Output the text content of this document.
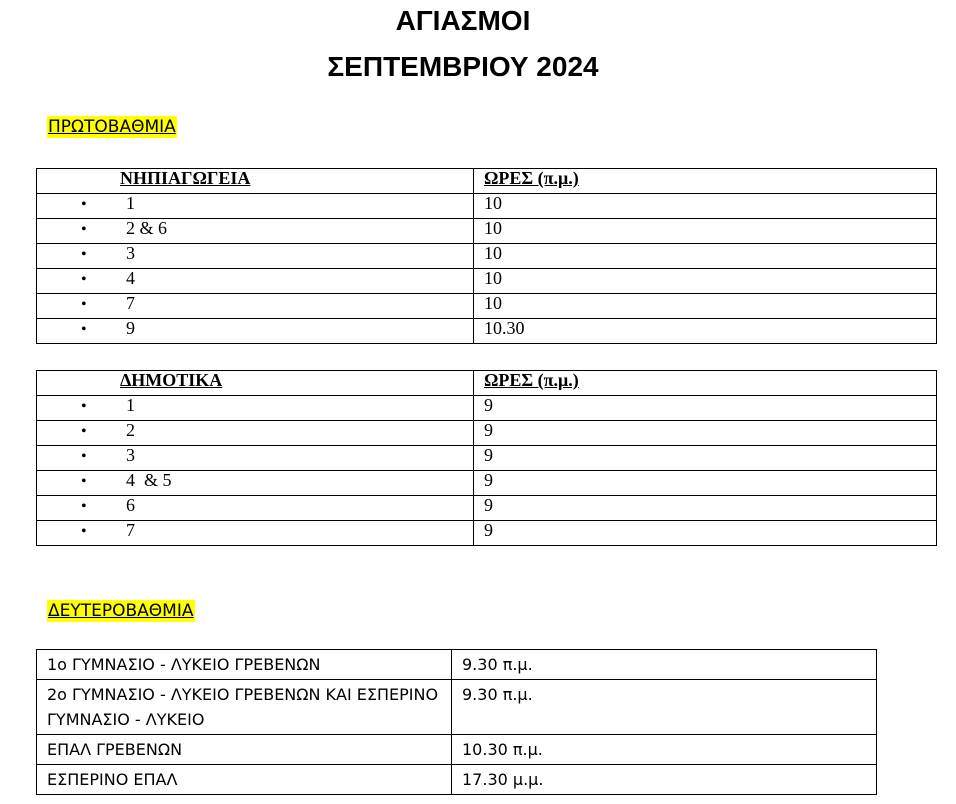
ΑΓΙΑΣΜΟΙ
ΣΕΠΤΕΜΒΡΙΟΥ 2024
ΠΡΩΤΟΒΑΘΜΙΑ
ΝΗΠΙΑΓΩΓΕΙΑ	ΩΡΕΣ (π.μ.)
•1	10
•2 & 6	10
•3	10
•4	10
•7	10
•9	10.30
ΔΗΜΟΤΙΚΑ	ΩΡΕΣ (π.μ.)
•1	9
•2	9
•3	9
•4  & 5	9
•6	9
•7	9
ΔΕΥΤΕΡΟΒΑΘΜΙΑ
1ο ΓΥΜΝΑΣΙΟ - ΛΥΚΕΙΟ ΓΡΕΒΕΝΩΝ	9.30 π.μ.
2ο ΓΥΜΝΑΣΙΟ - ΛΥΚΕΙΟ ΓΡΕΒΕΝΩΝ ΚΑΙ ΕΣΠΕΡΙΝΟ ΓΥΜΝΑΣΙΟ - ΛΥΚΕΙΟ	9.30 π.μ.
ΕΠΑΛ ΓΡΕΒΕΝΩΝ	10.30 π.μ.
ΕΣΠΕΡΙΝΟ ΕΠΑΛ	17.30 μ.μ.
